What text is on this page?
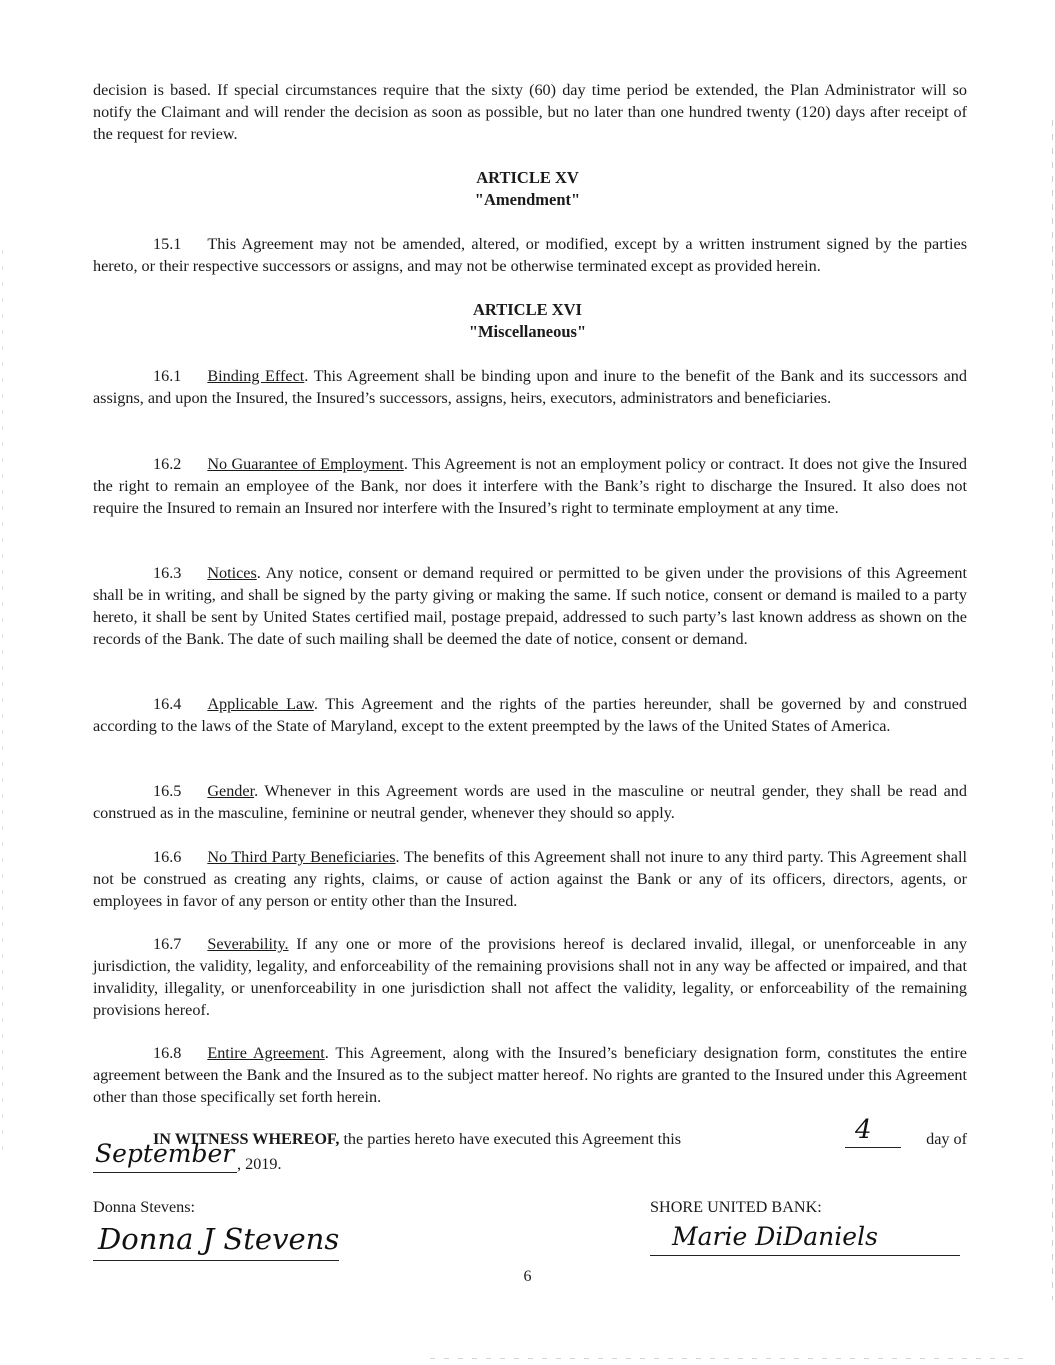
decision is based. If special circumstances require that the sixty (60) day time period be extended, the Plan Administrator will so notify the Claimant and will render the decision as soon as possible, but no later than one hundred twenty (120) days after receipt of the request for review.

ARTICLE XV
"Amendment"

15.1 This Agreement may not be amended, altered, or modified, except by a written instrument signed by the parties hereto, or their respective successors or assigns, and may not be otherwise terminated except as provided herein.

ARTICLE XVI
"Miscellaneous"

16.1 Binding Effect. This Agreement shall be binding upon and inure to the benefit of the Bank and its successors and assigns, and upon the Insured, the Insured’s successors, assigns, heirs, executors, administrators and beneficiaries.

16.2 No Guarantee of Employment. This Agreement is not an employment policy or contract. It does not give the Insured the right to remain an employee of the Bank, nor does it interfere with the Bank’s right to discharge the Insured. It also does not require the Insured to remain an Insured nor interfere with the Insured’s right to terminate employment at any time.

16.3 Notices. Any notice, consent or demand required or permitted to be given under the provisions of this Agreement shall be in writing, and shall be signed by the party giving or making the same. If such notice, consent or demand is mailed to a party hereto, it shall be sent by United States certified mail, postage prepaid, addressed to such party’s last known address as shown on the records of the Bank. The date of such mailing shall be deemed the date of notice, consent or demand.

16.4 Applicable Law. This Agreement and the rights of the parties hereunder, shall be governed by and construed according to the laws of the State of Maryland, except to the extent preempted by the laws of the United States of America.

16.5 Gender. Whenever in this Agreement words are used in the masculine or neutral gender, they shall be read and construed as in the masculine, feminine or neutral gender, whenever they should so apply.

16.6 No Third Party Beneficiaries. The benefits of this Agreement shall not inure to any third party. This Agreement shall not be construed as creating any rights, claims, or cause of action against the Bank or any of its officers, directors, agents, or employees in favor of any person or entity other than the Insured.

16.7 Severability. If any one or more of the provisions hereof is declared invalid, illegal, or unenforceable in any jurisdiction, the validity, legality, and enforceability of the remaining provisions shall not in any way be affected or impaired, and that invalidity, illegality, or unenforceability in one jurisdiction shall not affect the validity, legality, or enforceability of the remaining provisions hereof.

16.8 Entire Agreement. This Agreement, along with the Insured’s beneficiary designation form, constitutes the entire agreement between the Bank and the Insured as to the subject matter hereof. No rights are granted to the Insured under this Agreement other than those specifically set forth herein.

IN WITNESS WHEREOF, the parties hereto have executed this Agreement this	4	day of
September , 2019.
Donna Stevens:
Donna J Stevens
SHORE UNITED BANK:
Marie DiDaniels
6
